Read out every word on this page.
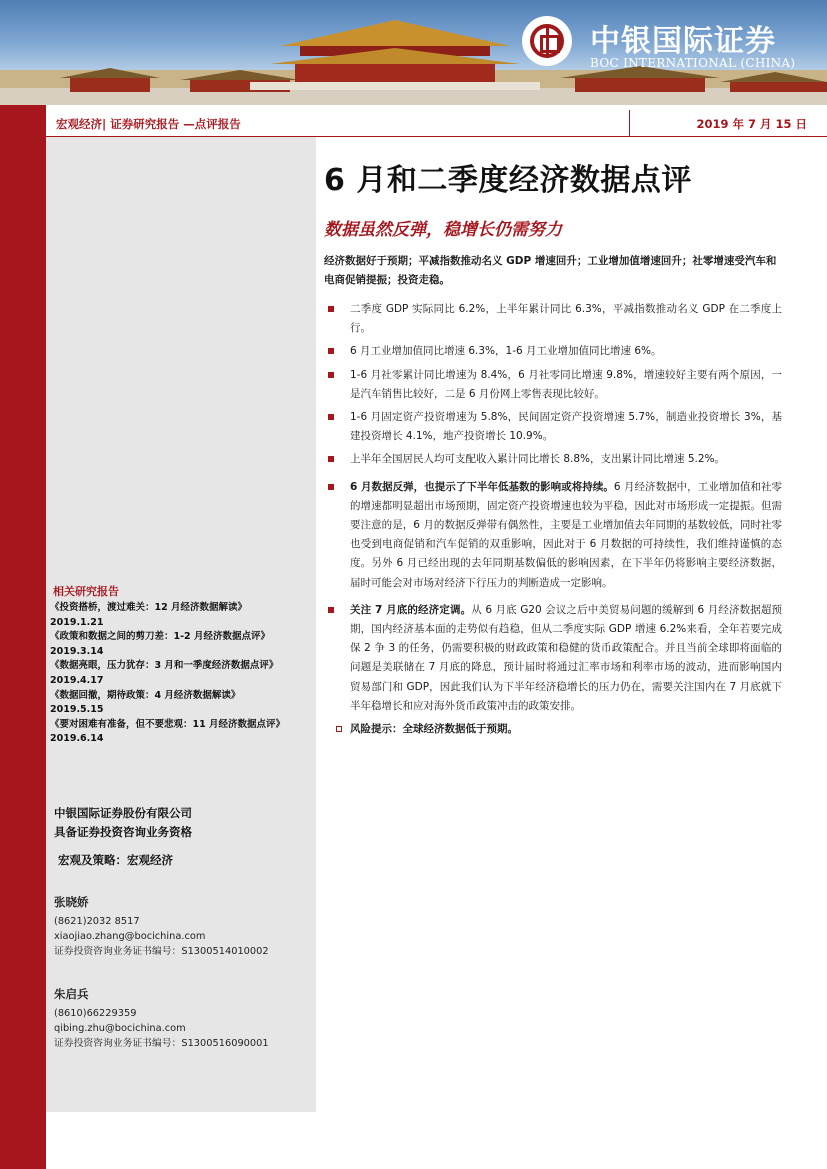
中银国际证券
BOC INTERNATIONAL (CHINA)
宏观经济| 证券研究报告 —点评报告	2019 年 7 月 15 日
相关研究报告
《投资搭桥，渡过难关：12 月经济数据解读》
2019.1.21
《政策和数据之间的剪刀差：1-2 月经济数据点评》
2019.3.14
《数据亮眼，压力犹存：3 月和一季度经济数据点评》
2019.4.17
《数据回撤，期待政策：4 月经济数据解读》
2019.5.15
《要对困难有准备，但不要悲观：11 月经济数据点评》
2019.6.14
中银国际证券股份有限公司
具备证券投资咨询业务资格
宏观及策略：宏观经济
张晓娇
(8621)2032 8517
xiaojiao.zhang@bocichina.com
证券投资咨询业务证书编号：S1300514010002
朱启兵
(8610)66229359
qibing.zhu@bocichina.com
证券投资咨询业务证书编号：S1300516090001
6 月和二季度经济数据点评
数据虽然反弹，稳增长仍需努力
经济数据好于预期；平减指数推动名义 GDP 增速回升；工业增加值增速回升；社零增速受汽车和电商促销提振；投资走稳。
二季度 GDP 实际同比 6.2%，上半年累计同比 6.3%，平减指数推动名义 GDP 在二季度上行。
6 月工业增加值同比增速 6.3%，1-6 月工业增加值同比增速 6%。
1-6 月社零累计同比增速为 8.4%，6 月社零同比增速 9.8%，增速较好主要有两个原因，一是汽车销售比较好，二是 6 月份网上零售表现比较好。
1-6 月固定资产投资增速为 5.8%，民间固定资产投资增速 5.7%，制造业投资增长 3%，基建投资增长 4.1%，地产投资增长 10.9%。
上半年全国居民人均可支配收入累计同比增长 8.8%，支出累计同比增速 5.2%。
6 月数据反弹，也提示了下半年低基数的影响或将持续。6 月经济数据中，工业增加值和社零的增速都明显超出市场预期，固定资产投资增速也较为平稳，因此对市场形成一定提振。但需要注意的是，6 月的数据反弹带有偶然性，主要是工业增加值去年同期的基数较低，同时社零也受到电商促销和汽车促销的双重影响，因此对于 6 月数据的可持续性，我们维持谨慎的态度。另外 6 月已经出现的去年同期基数偏低的影响因素，在下半年仍将影响主要经济数据，届时可能会对市场对经济下行压力的判断造成一定影响。
关注 7 月底的经济定调。从 6 月底 G20 会议之后中美贸易问题的缓解到 6 月经济数据超预期，国内经济基本面的走势似有趋稳，但从二季度实际 GDP 增速 6.2%来看，全年若要完成保 2 争 3 的任务，仍需要积极的财政政策和稳健的货币政策配合。并且当前全球即将面临的问题是美联储在 7 月底的降息，预计届时将通过汇率市场和利率市场的波动，进而影响国内贸易部门和 GDP，因此我们认为下半年经济稳增长的压力仍在，需要关注国内在 7 月底就下半年稳增长和应对海外货币政策冲击的政策安排。
风险提示：全球经济数据低于预期。
